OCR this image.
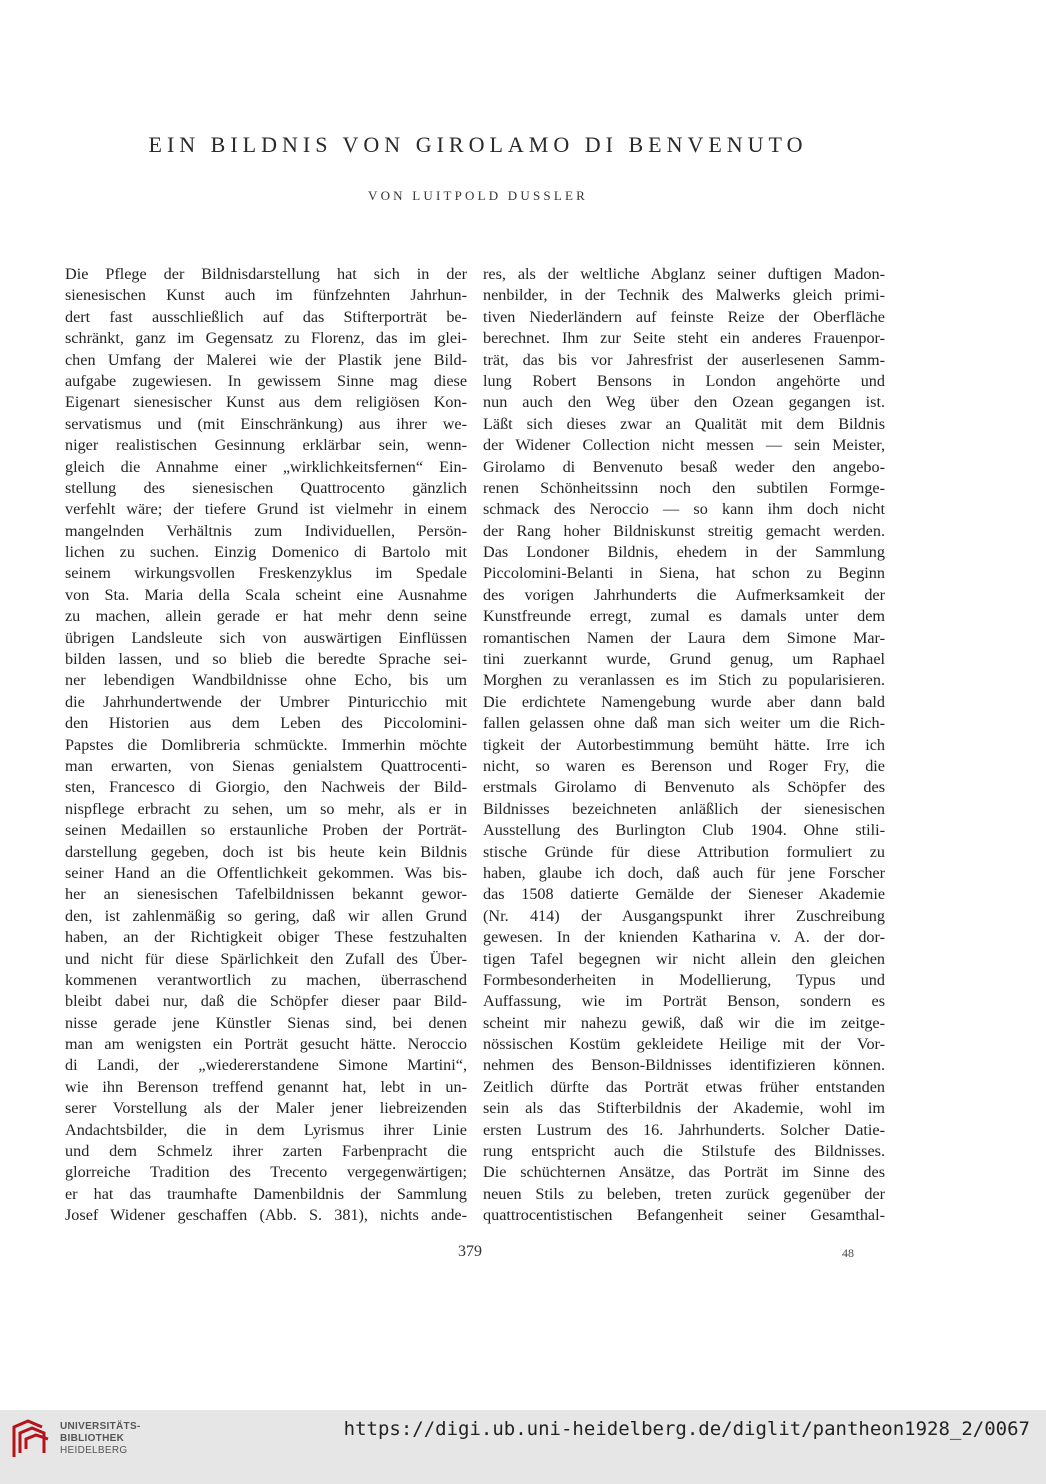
EIN BILDNIS VON GIROLAMO DI BENVENUTO
VON LUITPOLD DUSSLER
Die Pflege der Bildnisdarstellung hat sich in der
sienesischen Kunst auch im fünfzehnten Jahrhun-
dert fast ausschließlich auf das Stifterporträt be-
schränkt, ganz im Gegensatz zu Florenz, das im glei-
chen Umfang der Malerei wie der Plastik jene Bild-
aufgabe zugewiesen. In gewissem Sinne mag diese
Eigenart sienesischer Kunst aus dem religiösen Kon-
servatismus und (mit Einschränkung) aus ihrer we-
niger realistischen Gesinnung erklärbar sein, wenn-
gleich die Annahme einer „wirklichkeitsfernen“ Ein-
stellung des sienesischen Quattrocento gänzlich
verfehlt wäre; der tiefere Grund ist vielmehr in einem
mangelnden Verhältnis zum Individuellen, Persön-
lichen zu suchen. Einzig Domenico di Bartolo mit
seinem wirkungsvollen Freskenzyklus im Spedale
von Sta. Maria della Scala scheint eine Ausnahme
zu machen, allein gerade er hat mehr denn seine
übrigen Landsleute sich von auswärtigen Einflüssen
bilden lassen, und so blieb die beredte Sprache sei-
ner lebendigen Wandbildnisse ohne Echo, bis um
die Jahrhundertwende der Umbrer Pinturicchio mit
den Historien aus dem Leben des Piccolomini-
Papstes die Domlibreria schmückte. Immerhin möchte
man erwarten, von Sienas genialstem Quattrocenti-
sten, Francesco di Giorgio, den Nachweis der Bild-
nispflege erbracht zu sehen, um so mehr, als er in
seinen Medaillen so erstaunliche Proben der Porträt-
darstellung gegeben, doch ist bis heute kein Bildnis
seiner Hand an die Offentlichkeit gekommen. Was bis-
her an sienesischen Tafelbildnissen bekannt gewor-
den, ist zahlenmäßig so gering, daß wir allen Grund
haben, an der Richtigkeit obiger These festzuhalten
und nicht für diese Spärlichkeit den Zufall des Über-
kommenen verantwortlich zu machen, überraschend
bleibt dabei nur, daß die Schöpfer dieser paar Bild-
nisse gerade jene Künstler Sienas sind, bei denen
man am wenigsten ein Porträt gesucht hätte. Neroccio
di Landi, der „wiedererstandene Simone Martini“,
wie ihn Berenson treffend genannt hat, lebt in un-
serer Vorstellung als der Maler jener liebreizenden
Andachtsbilder, die in dem Lyrismus ihrer Linie
und dem Schmelz ihrer zarten Farbenpracht die
glorreiche Tradition des Trecento vergegenwärtigen;
er hat das traumhafte Damenbildnis der Sammlung
Josef Widener geschaffen (Abb. S. 381), nichts ande-
res, als der weltliche Abglanz seiner duftigen Madon-
nenbilder, in der Technik des Malwerks gleich primi-
tiven Niederländern auf feinste Reize der Oberfläche
berechnet. Ihm zur Seite steht ein anderes Frauenpor-
trät, das bis vor Jahresfrist der auserlesenen Samm-
lung Robert Bensons in London angehörte und
nun auch den Weg über den Ozean gegangen ist.
Läßt sich dieses zwar an Qualität mit dem Bildnis
der Widener Collection nicht messen — sein Meister,
Girolamo di Benvenuto besaß weder den angebo-
renen Schönheitssinn noch den subtilen Formge-
schmack des Neroccio — so kann ihm doch nicht
der Rang hoher Bildniskunst streitig gemacht werden.
Das Londoner Bildnis, ehedem in der Sammlung
Piccolomini-Belanti in Siena, hat schon zu Beginn
des vorigen Jahrhunderts die Aufmerksamkeit der
Kunstfreunde erregt, zumal es damals unter dem
romantischen Namen der Laura dem Simone Mar-
tini zuerkannt wurde, Grund genug, um Raphael
Morghen zu veranlassen es im Stich zu popularisieren.
Die erdichtete Namengebung wurde aber dann bald
fallen gelassen ohne daß man sich weiter um die Rich-
tigkeit der Autorbestimmung bemüht hätte. Irre ich
nicht, so waren es Berenson und Roger Fry, die
erstmals Girolamo di Benvenuto als Schöpfer des
Bildnisses bezeichneten anläßlich der sienesischen
Ausstellung des Burlington Club 1904. Ohne stili-
stische Gründe für diese Attribution formuliert zu
haben, glaube ich doch, daß auch für jene Forscher
das 1508 datierte Gemälde der Sieneser Akademie
(Nr. 414) der Ausgangspunkt ihrer Zuschreibung
gewesen. In der knienden Katharina v. A. der dor-
tigen Tafel begegnen wir nicht allein den gleichen
Formbesonderheiten in Modellierung, Typus und
Auffassung, wie im Porträt Benson, sondern es
scheint mir nahezu gewiß, daß wir die im zeitge-
nössischen Kostüm gekleidete Heilige mit der Vor-
nehmen des Benson-Bildnisses identifizieren können.
Zeitlich dürfte das Porträt etwas früher entstanden
sein als das Stifterbildnis der Akademie, wohl im
ersten Lustrum des 16. Jahrhunderts. Solcher Datie-
rung entspricht auch die Stilstufe des Bildnisses.
Die schüchternen Ansätze, das Porträt im Sinne des
neuen Stils zu beleben, treten zurück gegenüber der
quattrocentistischen Befangenheit seiner Gesamthal-
379	48
UNIVERSITÄTS-
BIBLIOTHEK
HEIDELBERG
https://digi.ub.uni-heidelberg.de/diglit/pantheon1928_2/0067
